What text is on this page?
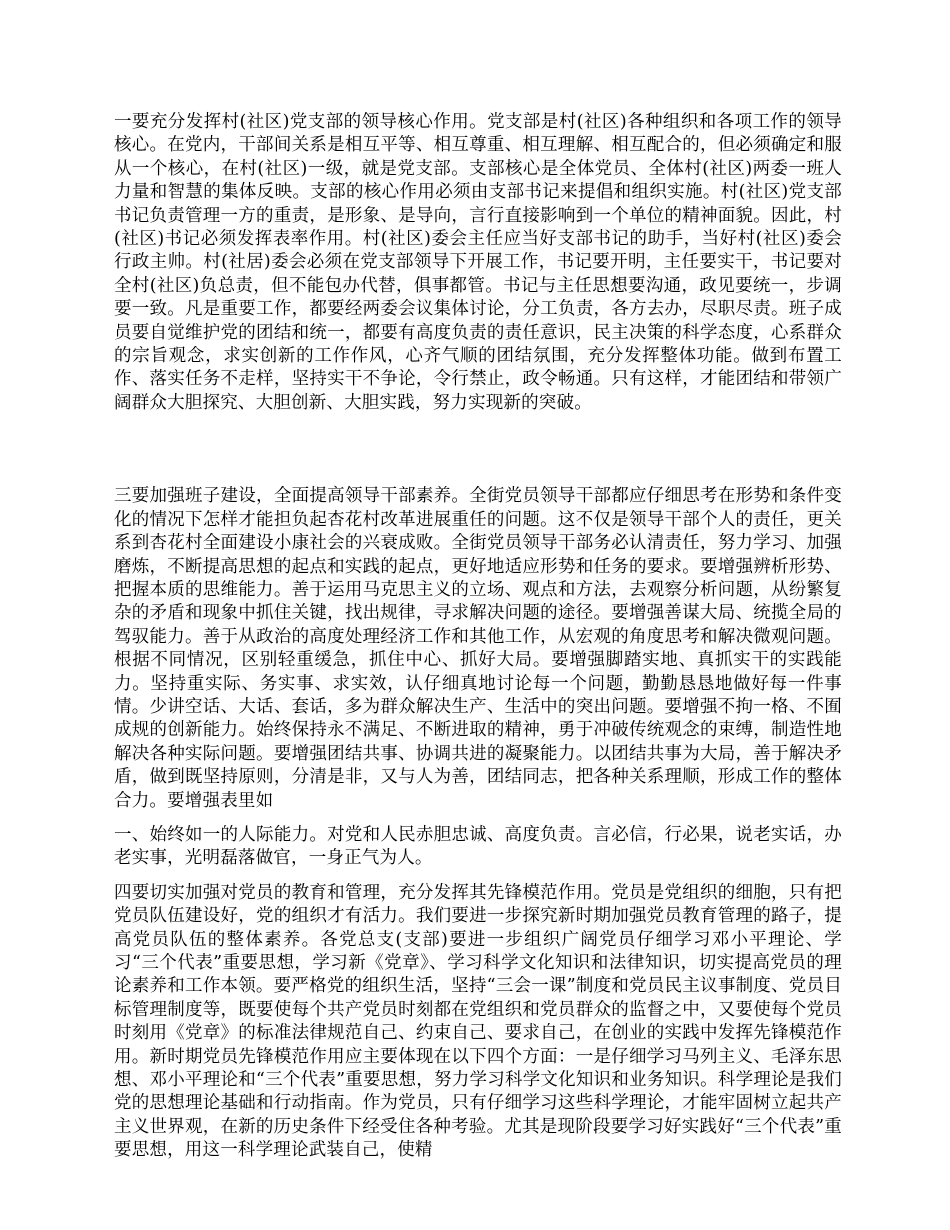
一要充分发挥村(社区)党支部的领导核心作用。党支部是村(社区)各种组织和各项工作的领导核心。在党内，干部间关系是相互平等、相互尊重、相互理解、相互配合的，但必须确定和服从一个核心，在村(社区)一级，就是党支部。支部核心是全体党员、全体村(社区)两委一班人力量和智慧的集体反映。支部的核心作用必须由支部书记来提倡和组织实施。村(社区)党支部书记负责管理一方的重责，是形象、是导向，言行直接影响到一个单位的精神面貌。因此，村(社区)书记必须发挥表率作用。村(社区)委会主任应当好支部书记的助手，当好村(社区)委会行政主帅。村(社居)委会必须在党支部领导下开展工作，书记要开明，主任要实干，书记要对全村(社区)负总责，但不能包办代替，俱事都管。书记与主任思想要沟通，政见要统一，步调要一致。凡是重要工作，都要经两委会议集体讨论，分工负责，各方去办，尽职尽责。班子成员要自觉维护党的团结和统一，都要有高度负责的责任意识，民主决策的科学态度，心系群众的宗旨观念，求实创新的工作作风，心齐气顺的团结氛围，充分发挥整体功能。做到布置工作、落实任务不走样，坚持实干不争论，令行禁止，政令畅通。只有这样，才能团结和带领广阔群众大胆探究、大胆创新、大胆实践，努力实现新的突破。

三要加强班子建设，全面提高领导干部素养。全街党员领导干部都应仔细思考在形势和条件变化的情况下怎样才能担负起杏花村改革进展重任的问题。这不仅是领导干部个人的责任，更关系到杏花村全面建设小康社会的兴衰成败。全街党员领导干部务必认清责任，努力学习、加强磨炼，不断提高思想的起点和实践的起点，更好地适应形势和任务的要求。要增强辨析形势、把握本质的思维能力。善于运用马克思主义的立场、观点和方法，去观察分析问题，从纷繁复杂的矛盾和现象中抓住关键，找出规律，寻求解决问题的途径。要增强善谋大局、统揽全局的驾驭能力。善于从政治的高度处理经济工作和其他工作，从宏观的角度思考和解决微观问题。根据不同情况，区别轻重缓急，抓住中心、抓好大局。要增强脚踏实地、真抓实干的实践能力。坚持重实际、务实事、求实效，认仔细真地讨论每一个问题，勤勤恳恳地做好每一件事情。少讲空话、大话、套话，多为群众解决生产、生活中的突出问题。要增强不拘一格、不囿成规的创新能力。始终保持永不满足、不断进取的精神，勇于冲破传统观念的束缚，制造性地解决各种实际问题。要增强团结共事、协调共进的凝聚能力。以团结共事为大局，善于解决矛盾，做到既坚持原则，分清是非，又与人为善，团结同志，把各种关系理顺，形成工作的整体合力。要增强表里如

一、始终如一的人际能力。对党和人民赤胆忠诚、高度负责。言必信，行必果，说老实话，办老实事，光明磊落做官，一身正气为人。

四要切实加强对党员的教育和管理，充分发挥其先锋模范作用。党员是党组织的细胞，只有把党员队伍建设好，党的组织才有活力。我们要进一步探究新时期加强党员教育管理的路子，提高党员队伍的整体素养。各党总支(支部)要进一步组织广阔党员仔细学习邓小平理论、学习“三个代表”重要思想，学习新《党章》、学习科学文化知识和法律知识，切实提高党员的理论素养和工作本领。要严格党的组织生活，坚持“三会一课”制度和党员民主议事制度、党员目标管理制度等，既要使每个共产党员时刻都在党组织和党员群众的监督之中，又要使每个党员时刻用《党章》的标准法律规范自己、约束自己、要求自己，在创业的实践中发挥先锋模范作用。新时期党员先锋模范作用应主要体现在以下四个方面：一是仔细学习马列主义、毛泽东思想、邓小平理论和“三个代表”重要思想，努力学习科学文化知识和业务知识。科学理论是我们党的思想理论基础和行动指南。作为党员，只有仔细学习这些科学理论，才能牢固树立起共产主义世界观，在新的历史条件下经受住各种考验。尤其是现阶段要学习好实践好“三个代表”重要思想，用这一科学理论武装自己，使精
